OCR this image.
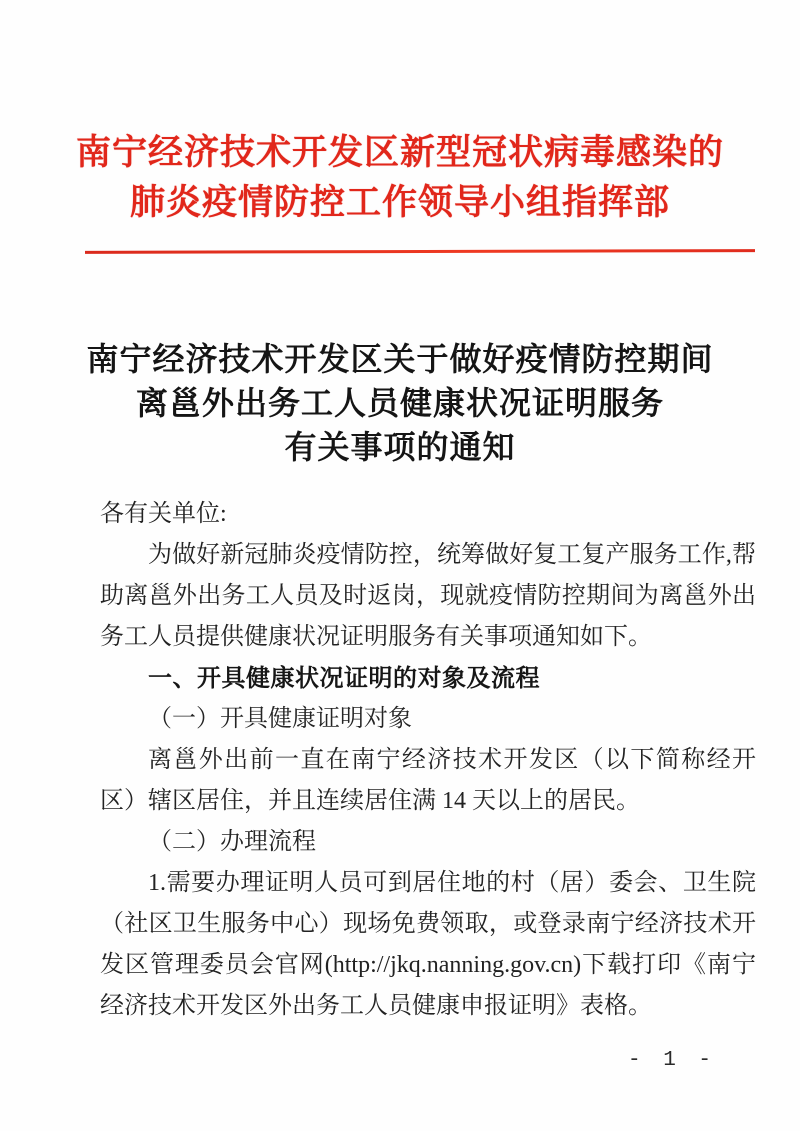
南宁经济技术开发区新型冠状病毒感染的
肺炎疫情防控工作领导小组指挥部
南宁经济技术开发区关于做好疫情防控期间
离邕外出务工人员健康状况证明服务
有关事项的通知

各有关单位:

为做好新冠肺炎疫情防控，统筹做好复工复产服务工作,帮助离邕外出务工人员及时返岗，现就疫情防控期间为离邕外出务工人员提供健康状况证明服务有关事项通知如下。

一、开具健康状况证明的对象及流程

（一）开具健康证明对象

离邕外出前一直在南宁经济技术开发区（以下简称经开区）辖区居住，并且连续居住满 14 天以上的居民。

（二）办理流程

1.需要办理证明人员可到居住地的村（居）委会、卫生院（社区卫生服务中心）现场免费领取，或登录南宁经济技术开发区管理委员会官网(http://jkq.nanning.gov.cn)下载打印《南宁经济技术开发区外出务工人员健康申报证明》表格。

- 1 -
